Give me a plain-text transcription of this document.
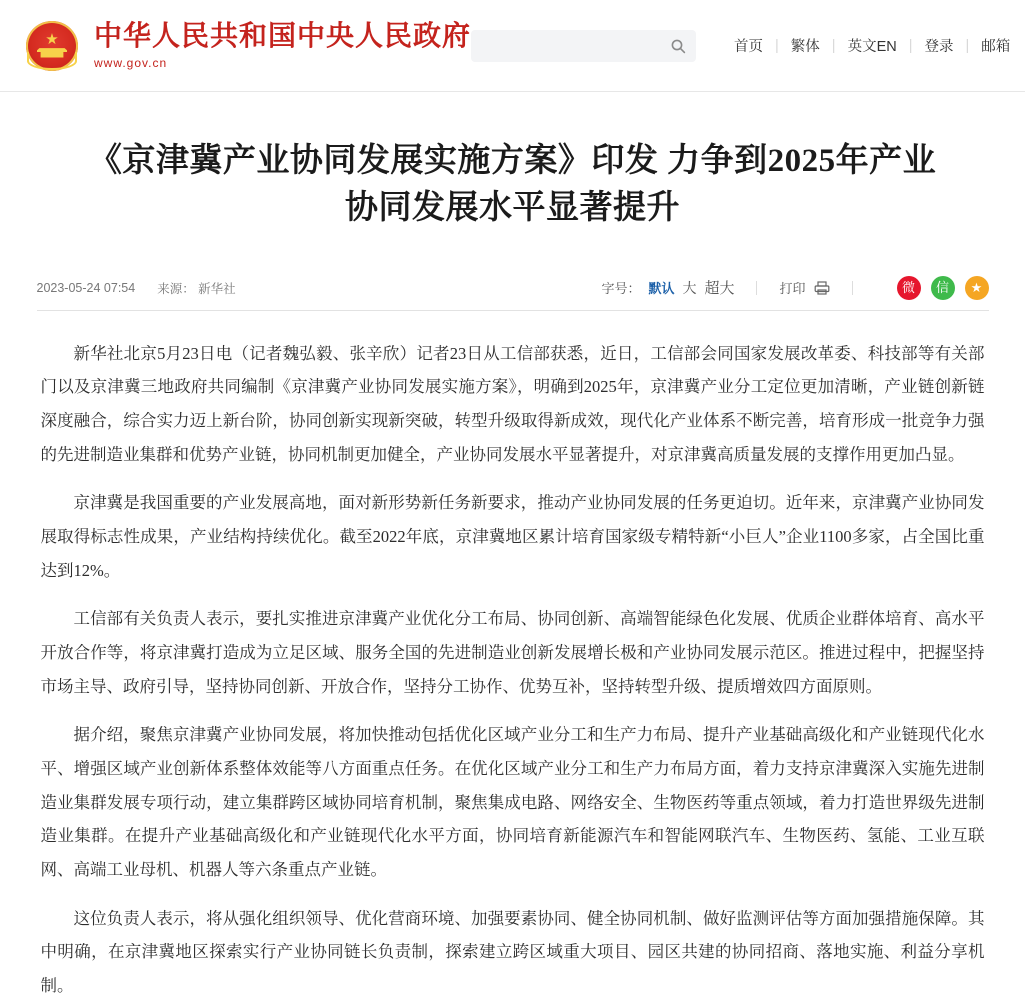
★ 中华人民共和国中央人民政府
www.gov.cn
首页 | 繁体 | 英文EN | 登录 | 邮箱
《京津冀产业协同发展实施方案》印发 力争到2025年产业协同发展水平显著提升
2023-05-24 07:54 来源： 新华社	字号： 默认 大 超大	打印	微	信	★

新华社北京5月23日电（记者魏弘毅、张辛欣）记者23日从工信部获悉，近日，工信部会同国家发展改革委、科技部等有关部门以及京津冀三地政府共同编制《京津冀产业协同发展实施方案》，明确到2025年，京津冀产业分工定位更加清晰，产业链创新链深度融合，综合实力迈上新台阶，协同创新实现新突破，转型升级取得新成效，现代化产业体系不断完善，培育形成一批竞争力强的先进制造业集群和优势产业链，协同机制更加健全，产业协同发展水平显著提升，对京津冀高质量发展的支撑作用更加凸显。

京津冀是我国重要的产业发展高地，面对新形势新任务新要求，推动产业协同发展的任务更迫切。近年来，京津冀产业协同发展取得标志性成果，产业结构持续优化。截至2022年底，京津冀地区累计培育国家级专精特新“小巨人”企业1100多家，占全国比重达到12%。

工信部有关负责人表示，要扎实推进京津冀产业优化分工布局、协同创新、高端智能绿色化发展、优质企业群体培育、高水平开放合作等，将京津冀打造成为立足区域、服务全国的先进制造业创新发展增长极和产业协同发展示范区。推进过程中，把握坚持市场主导、政府引导，坚持协同创新、开放合作，坚持分工协作、优势互补，坚持转型升级、提质增效四方面原则。

据介绍，聚焦京津冀产业协同发展，将加快推动包括优化区域产业分工和生产力布局、提升产业基础高级化和产业链现代化水平、增强区域产业创新体系整体效能等八方面重点任务。在优化区域产业分工和生产力布局方面，着力支持京津冀深入实施先进制造业集群发展专项行动，建立集群跨区域协同培育机制，聚焦集成电路、网络安全、生物医药等重点领域，着力打造世界级先进制造业集群。在提升产业基础高级化和产业链现代化水平方面，协同培育新能源汽车和智能网联汽车、生物医药、氢能、工业互联网、高端工业母机、机器人等六条重点产业链。

这位负责人表示，将从强化组织领导、优化营商环境、加强要素协同、健全协同机制、做好监测评估等方面加强措施保障。其中明确，在京津冀地区探索实行产业协同链长负责制，探索建立跨区域重大项目、园区共建的协同招商、落地实施、利益分享机制。
